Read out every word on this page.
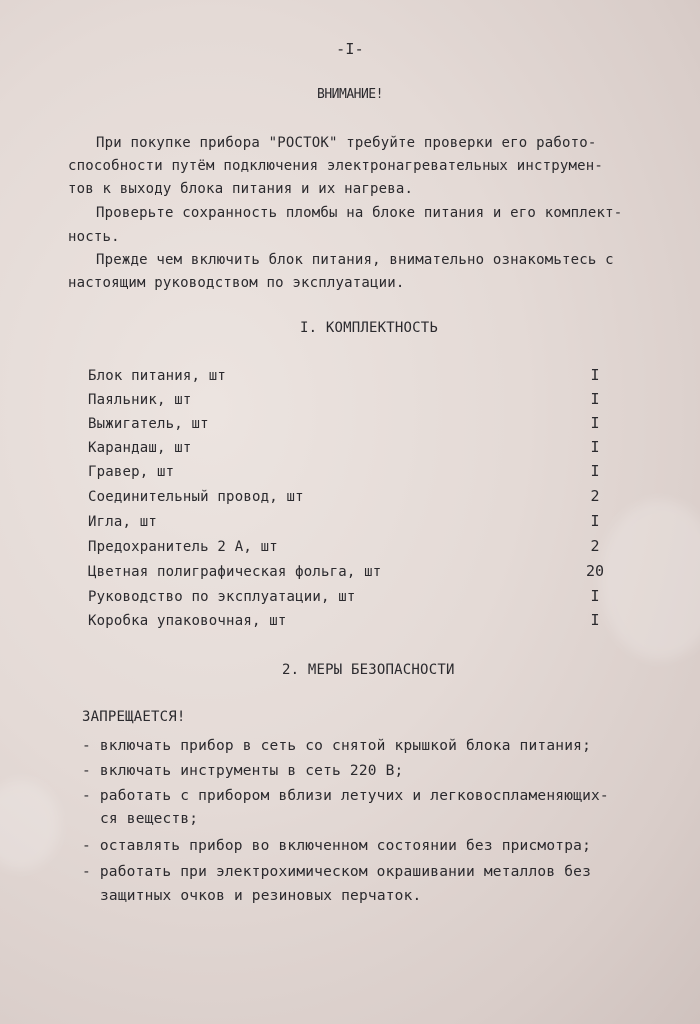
-I-
ВНИМАНИЕ!
При покупке прибора "РОСТОК" требуйте проверки его работо-
способности путём подключения электронагревательных инструмен-
тов к выходу блока питания и их нагрева.
Проверьте сохранность пломбы на блоке питания и его комплект-
ность.
Прежде чем включить блок питания, внимательно ознакомьтесь с
настоящим руководством по эксплуатации.
I. КОМПЛЕКТНОСТЬ
Блок питания, шт	I
Паяльник, шт	I
Выжигатель, шт	I
Карандаш, шт	I
Гравер, шт	I
Соединительный провод, шт	2
Игла, шт	I
Предохранитель 2 А, шт	2
Цветная полиграфическая фольга, шт	20
Руководство по эксплуатации, шт	I
Коробка упаковочная, шт	I
2. МЕРЫ БЕЗОПАСНОСТИ
ЗАПРЕЩАЕТСЯ!
- включать прибор в сеть со снятой крышкой блока питания;
- включать инструменты в сеть 220 В;
- работать с прибором вблизи летучих и легковоспламеняющих-
ся веществ;
- оставлять прибор во включенном состоянии без присмотра;
- работать при электрохимическом окрашивании металлов без
защитных очков и резиновых перчаток.
